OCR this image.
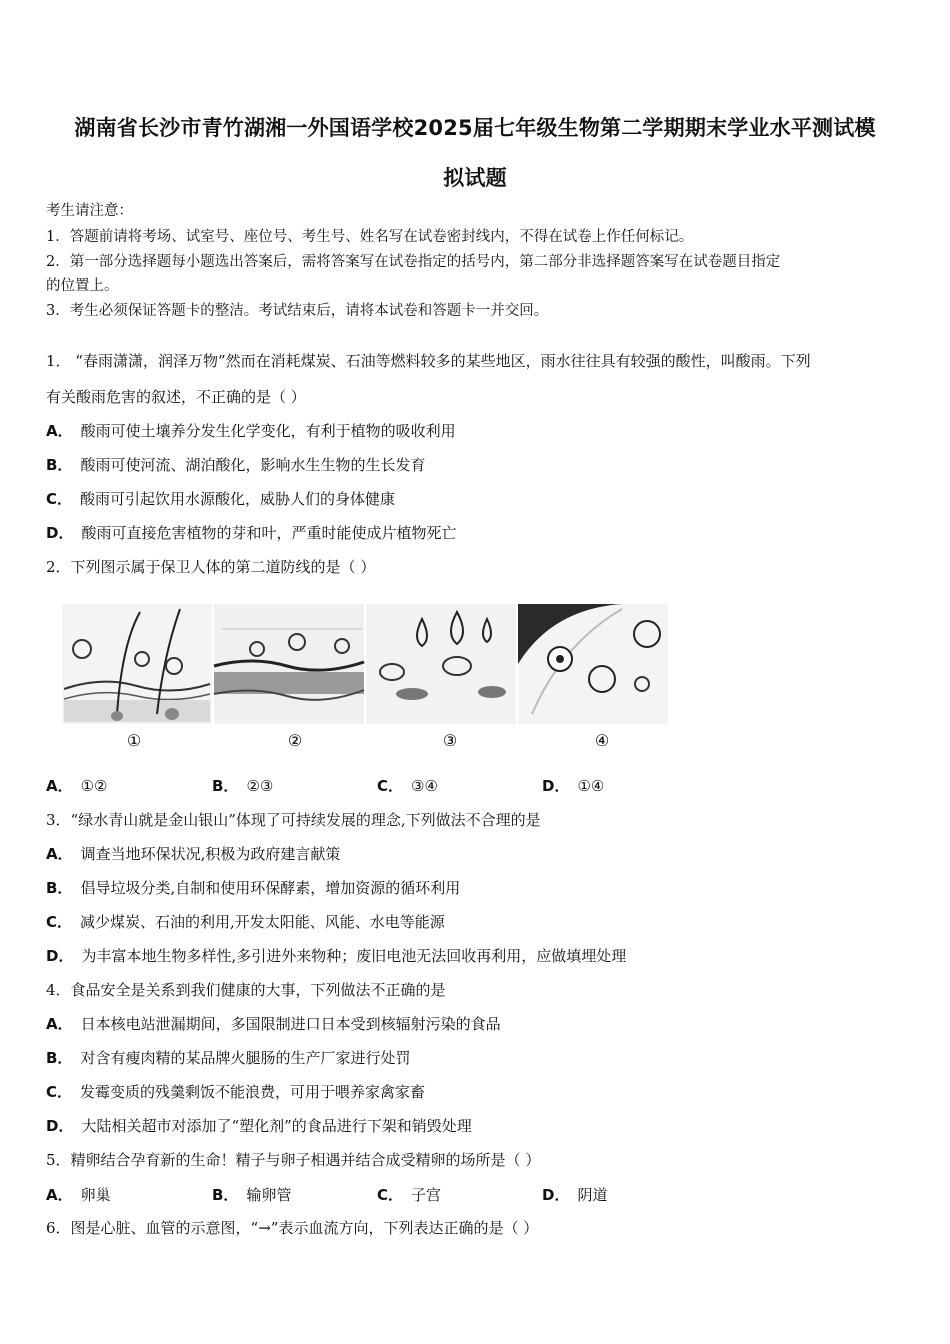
湖南省长沙市青竹湖湘一外国语学校2025届七年级生物第二学期期末学业水平测试模
拟试题
考生请注意：
1．答题前请将考场、试室号、座位号、考生号、姓名写在试卷密封线内，不得在试卷上作任何标记。
2．第一部分选择题每小题选出答案后，需将答案写在试卷指定的括号内，第二部分非选择题答案写在试卷题目指定
的位置上。
3．考生必须保证答题卡的整洁。考试结束后，请将本试卷和答题卡一并交回。
1． “春雨潇潇，润泽万物”然而在消耗煤炭、石油等燃料较多的某些地区，雨水往往具有较强的酸性，叫酸雨。下列
有关酸雨危害的叙述，不正确的是（ ）
A． 酸雨可使土壤养分发生化学变化，有利于植物的吸收利用
B． 酸雨可使河流、湖泊酸化，影响水生生物的生长发育
C． 酸雨可引起饮用水源酸化，威胁人们的身体健康
D． 酸雨可直接危害植物的芽和叶，严重时能使成片植物死亡
2．下列图示属于保卫人体的第二道防线的是（ ）
①	②	③	④
A． ①②	B． ②③	C． ③④	D． ①④
3．“绿水青山就是金山银山”体现了可持续发展的理念,下列做法不合理的是
A． 调查当地环保状况,积极为政府建言献策
B． 倡导垃圾分类,自制和使用环保酵素，增加资源的循环利用
C． 减少煤炭、石油的利用,开发太阳能、风能、水电等能源
D． 为丰富本地生物多样性,多引进外来物种；废旧电池无法回收再利用，应做填埋处理
4．食品安全是关系到我们健康的大事，下列做法不正确的是
A． 日本核电站泄漏期间，多国限制进口日本受到核辐射污染的食品
B． 对含有瘦肉精的某品牌火腿肠的生产厂家进行处罚
C． 发霉变质的残羹剩饭不能浪费，可用于喂养家禽家畜
D． 大陆相关超市对添加了“塑化剂”的食品进行下架和销毁处理
5．精卵结合孕育新的生命！精子与卵子相遇并结合成受精卵的场所是（ ）
A． 卵巢	B． 输卵管	C． 子宫	D． 阴道
6．图是心脏、血管的示意图，“→”表示血流方向，下列表达正确的是（ ）
